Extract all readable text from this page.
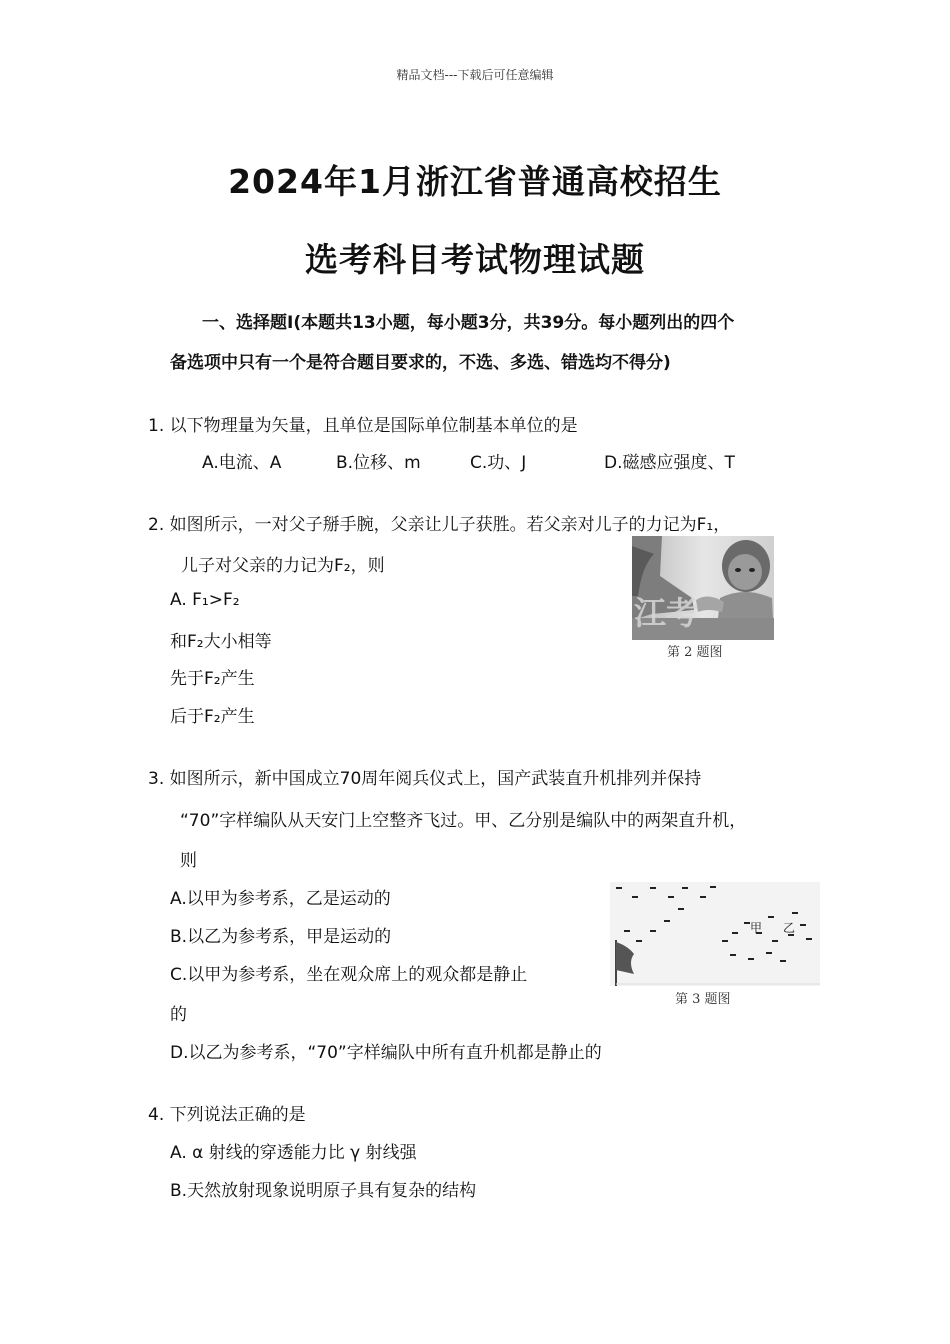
精品文档---下载后可任意编辑
2024年1月浙江省普通高校招生
选考科目考试物理试题
一、选择题Ⅰ(本题共13小题，每小题3分，共39分。每小题列出的四个
备选项中只有一个是符合题目要求的，不选、多选、错选均不得分)
1. 以下物理量为矢量，且单位是国际单位制基本单位的是
A.电流、A	B.位移、m	C.功、J	D.磁感应强度、T
2. 如图所示，一对父子掰手腕，父亲让儿子获胜。若父亲对儿子的力记为F₁，
儿子对父亲的力记为F₂，则
A. F₁>F₂
和F₂大小相等
先于F₂产生
后于F₂产生
江考
第 2 题图
3. 如图所示，新中国成立70周年阅兵仪式上，国产武装直升机排列并保持
“70”字样编队从天安门上空整齐飞过。甲、乙分别是编队中的两架直升机，
则
A.以甲为参考系，乙是运动的
B.以乙为参考系，甲是运动的
C.以甲为参考系，坐在观众席上的观众都是静止
的
D.以乙为参考系，“70”字样编队中所有直升机都是静止的
甲 乙
第 3 题图
4. 下列说法正确的是
A. α 射线的穿透能力比 γ 射线强
B.天然放射现象说明原子具有复杂的结构
